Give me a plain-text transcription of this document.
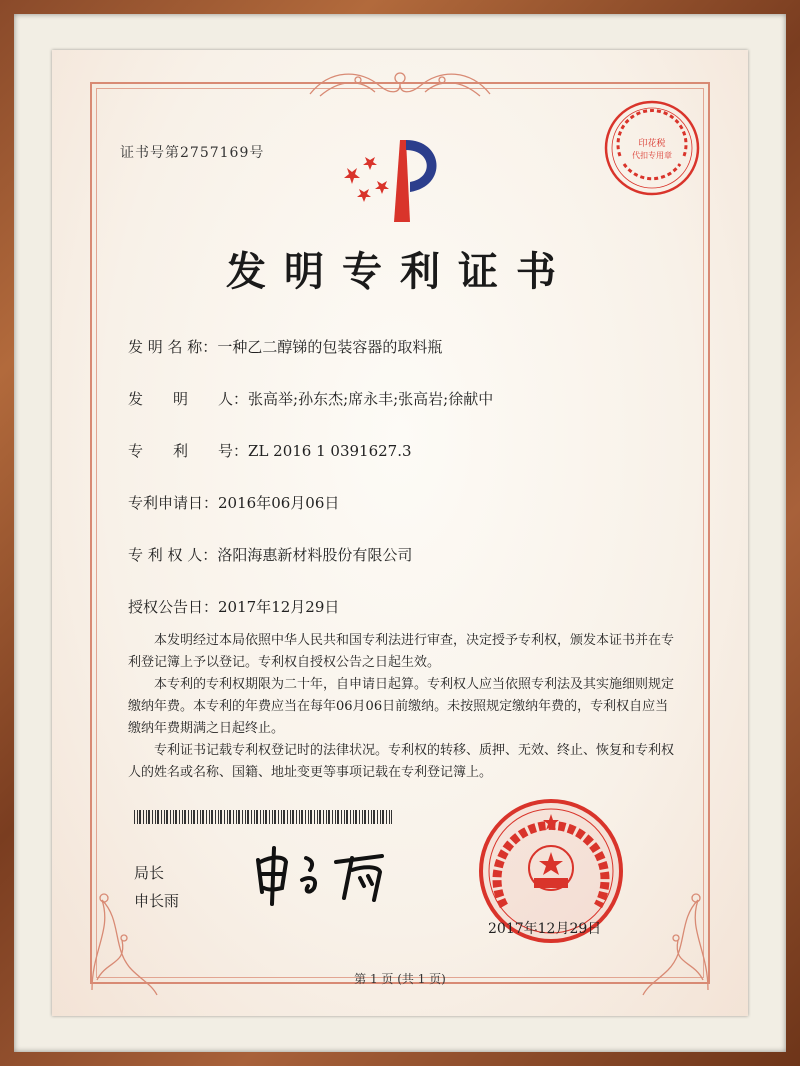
证书号第2757169号
印花税
代扣专用章
发明专利证书
发 明 名 称：一种乙二醇锑的包装容器的取料瓶
发　　明　　人：张高举;孙东杰;席永丰;张高岩;徐献中
专　　利　　号：ZL 2016 1 0391627.3
专利申请日：2016年06月06日
专 利 权 人：洛阳海惠新材料股份有限公司
授权公告日：2017年12月29日

本发明经过本局依照中华人民共和国专利法进行审查，决定授予专利权，颁发本证书并在专利登记簿上予以登记。专利权自授权公告之日起生效。

本专利的专利权期限为二十年，自申请日起算。专利权人应当依照专利法及其实施细则规定缴纳年费。本专利的年费应当在每年06月06日前缴纳。未按照规定缴纳年费的，专利权自应当缴纳年费期满之日起终止。

专利证书记载专利权登记时的法律状况。专利权的转移、质押、无效、终止、恢复和专利权人的姓名或名称、国籍、地址变更等事项记载在专利登记簿上。

局长
申长雨
2017年12月29日
第 1 页 (共 1 页)
